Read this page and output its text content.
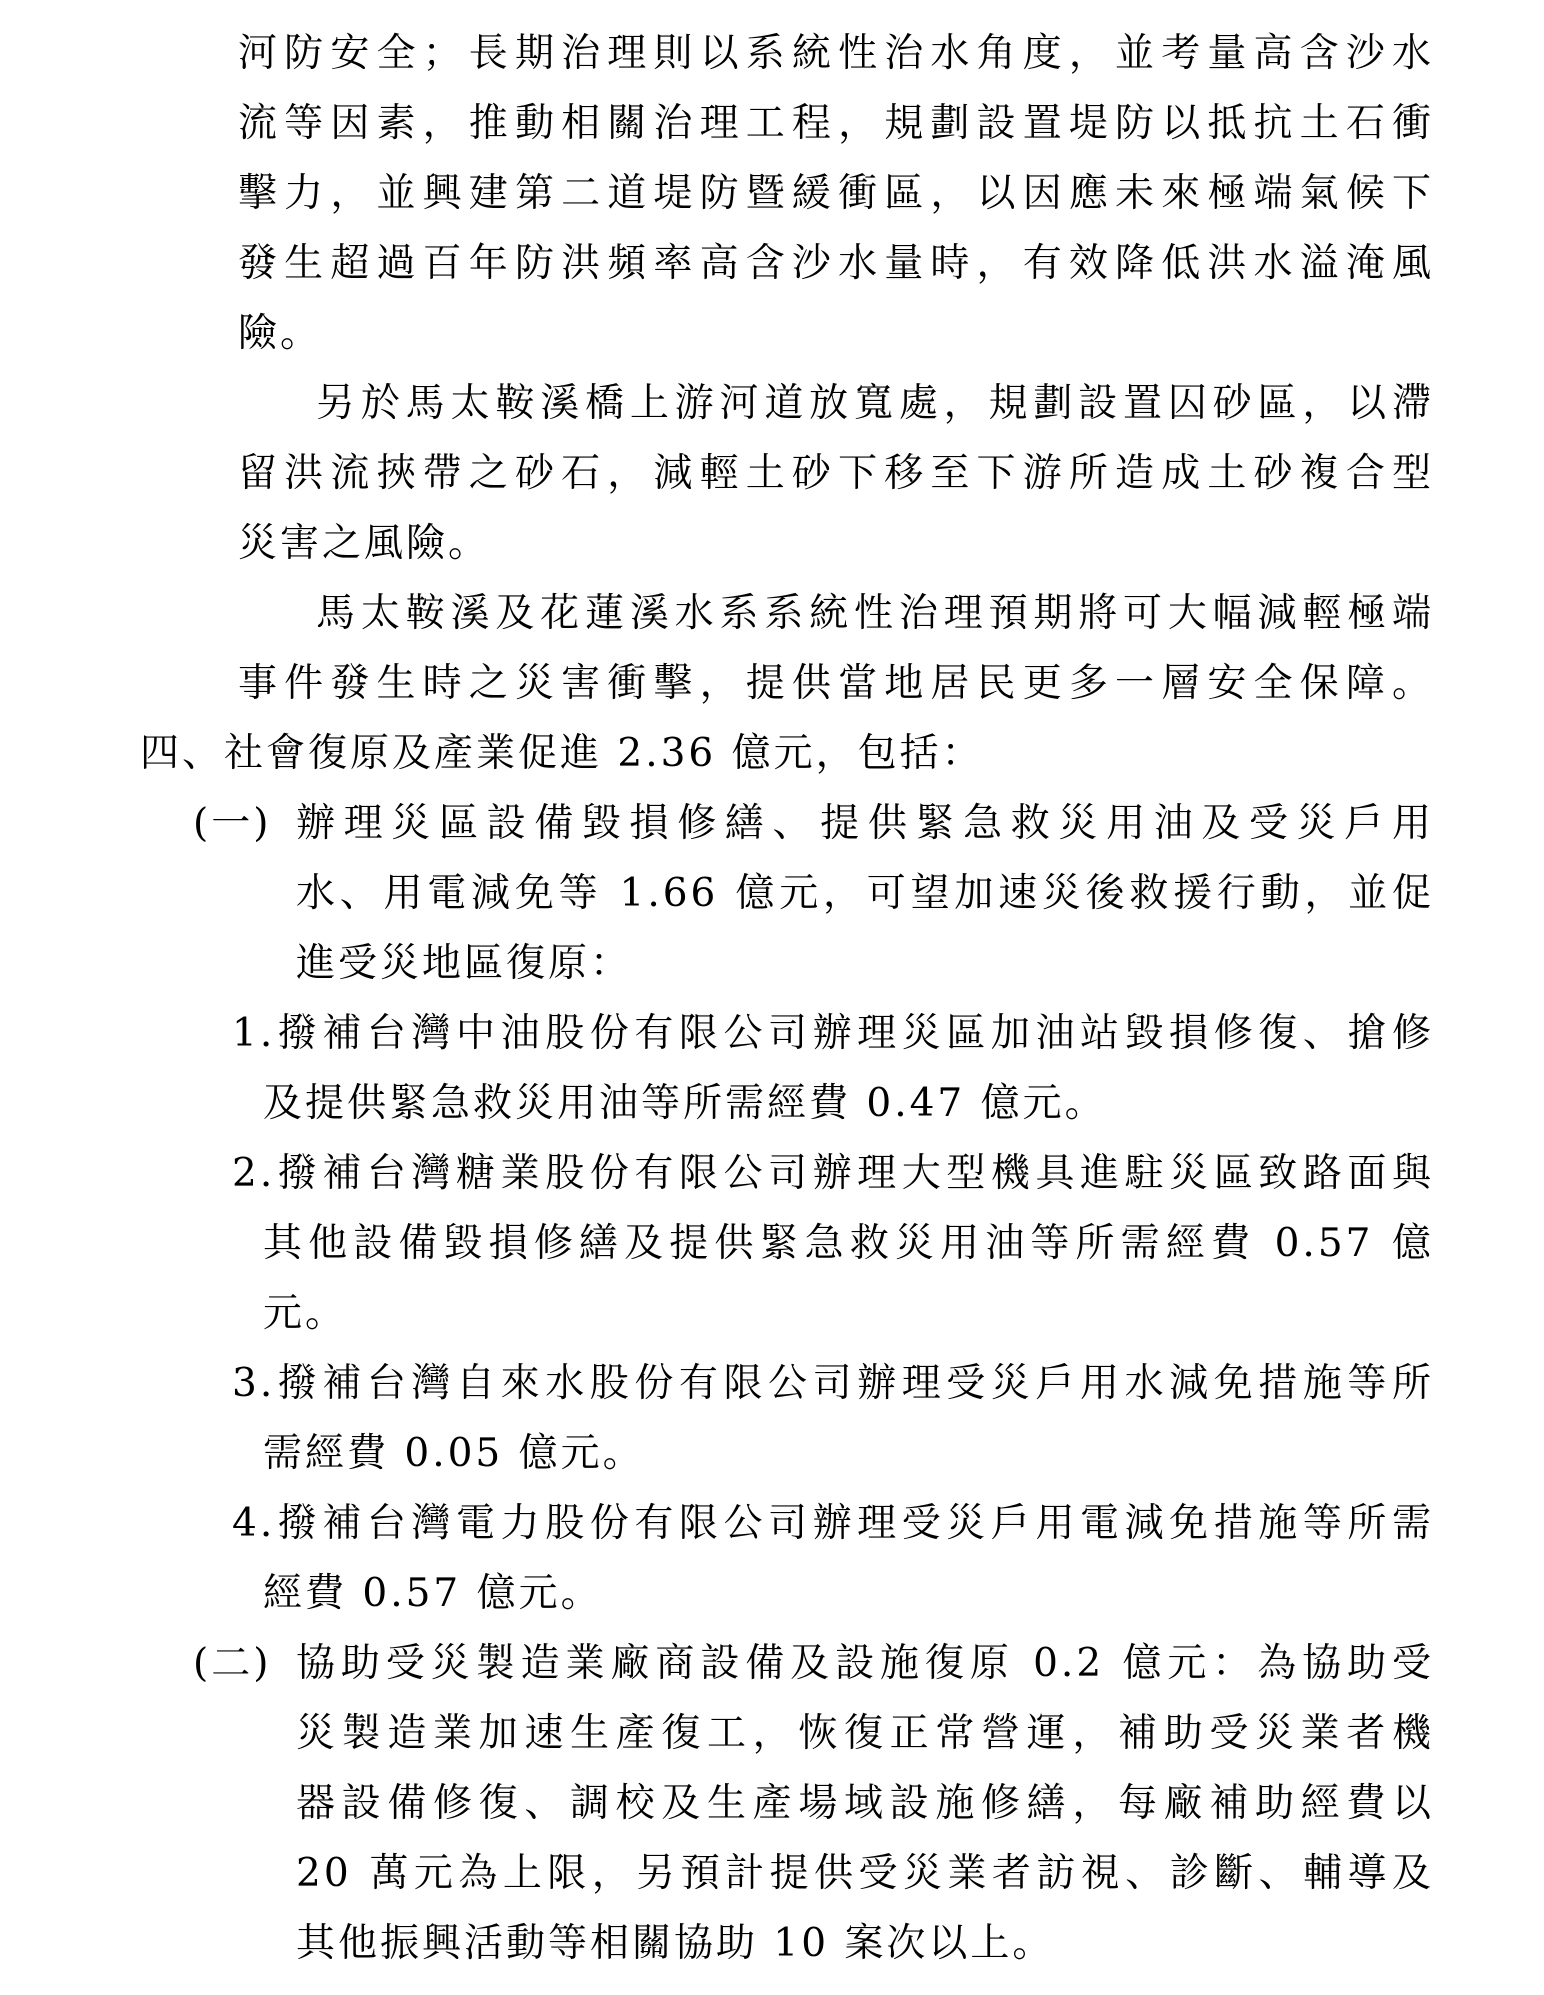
河防安全；長期治理則以系統性治水角度，並考量高含沙水
流等因素，推動相關治理工程，規劃設置堤防以抵抗土石衝
擊力，並興建第二道堤防暨緩衝區，以因應未來極端氣候下
發生超過百年防洪頻率高含沙水量時，有效降低洪水溢淹風
險。
另於馬太鞍溪橋上游河道放寬處，規劃設置囚砂區，以滯
留洪流挾帶之砂石，減輕土砂下移至下游所造成土砂複合型
災害之風險。
馬太鞍溪及花蓮溪水系系統性治理預期將可大幅減輕極端
事件發生時之災害衝擊，提供當地居民更多一層安全保障。
四、社會復原及產業促進 2.36 億元，包括：
(一) 辦理災區設備毀損修繕、提供緊急救災用油及受災戶用
水、用電減免等 1.66 億元，可望加速災後救援行動，並促
進受災地區復原：
1.撥補台灣中油股份有限公司辦理災區加油站毀損修復、搶修
及提供緊急救災用油等所需經費 0.47 億元。
2.撥補台灣糖業股份有限公司辦理大型機具進駐災區致路面與
其他設備毀損修繕及提供緊急救災用油等所需經費 0.57 億
元。
3.撥補台灣自來水股份有限公司辦理受災戶用水減免措施等所
需經費 0.05 億元。
4.撥補台灣電力股份有限公司辦理受災戶用電減免措施等所需
經費 0.57 億元。
(二) 協助受災製造業廠商設備及設施復原 0.2 億元：為協助受
災製造業加速生產復工，恢復正常營運，補助受災業者機
器設備修復、調校及生產場域設施修繕，每廠補助經費以
20 萬元為上限，另預計提供受災業者訪視、診斷、輔導及
其他振興活動等相關協助 10 案次以上。
